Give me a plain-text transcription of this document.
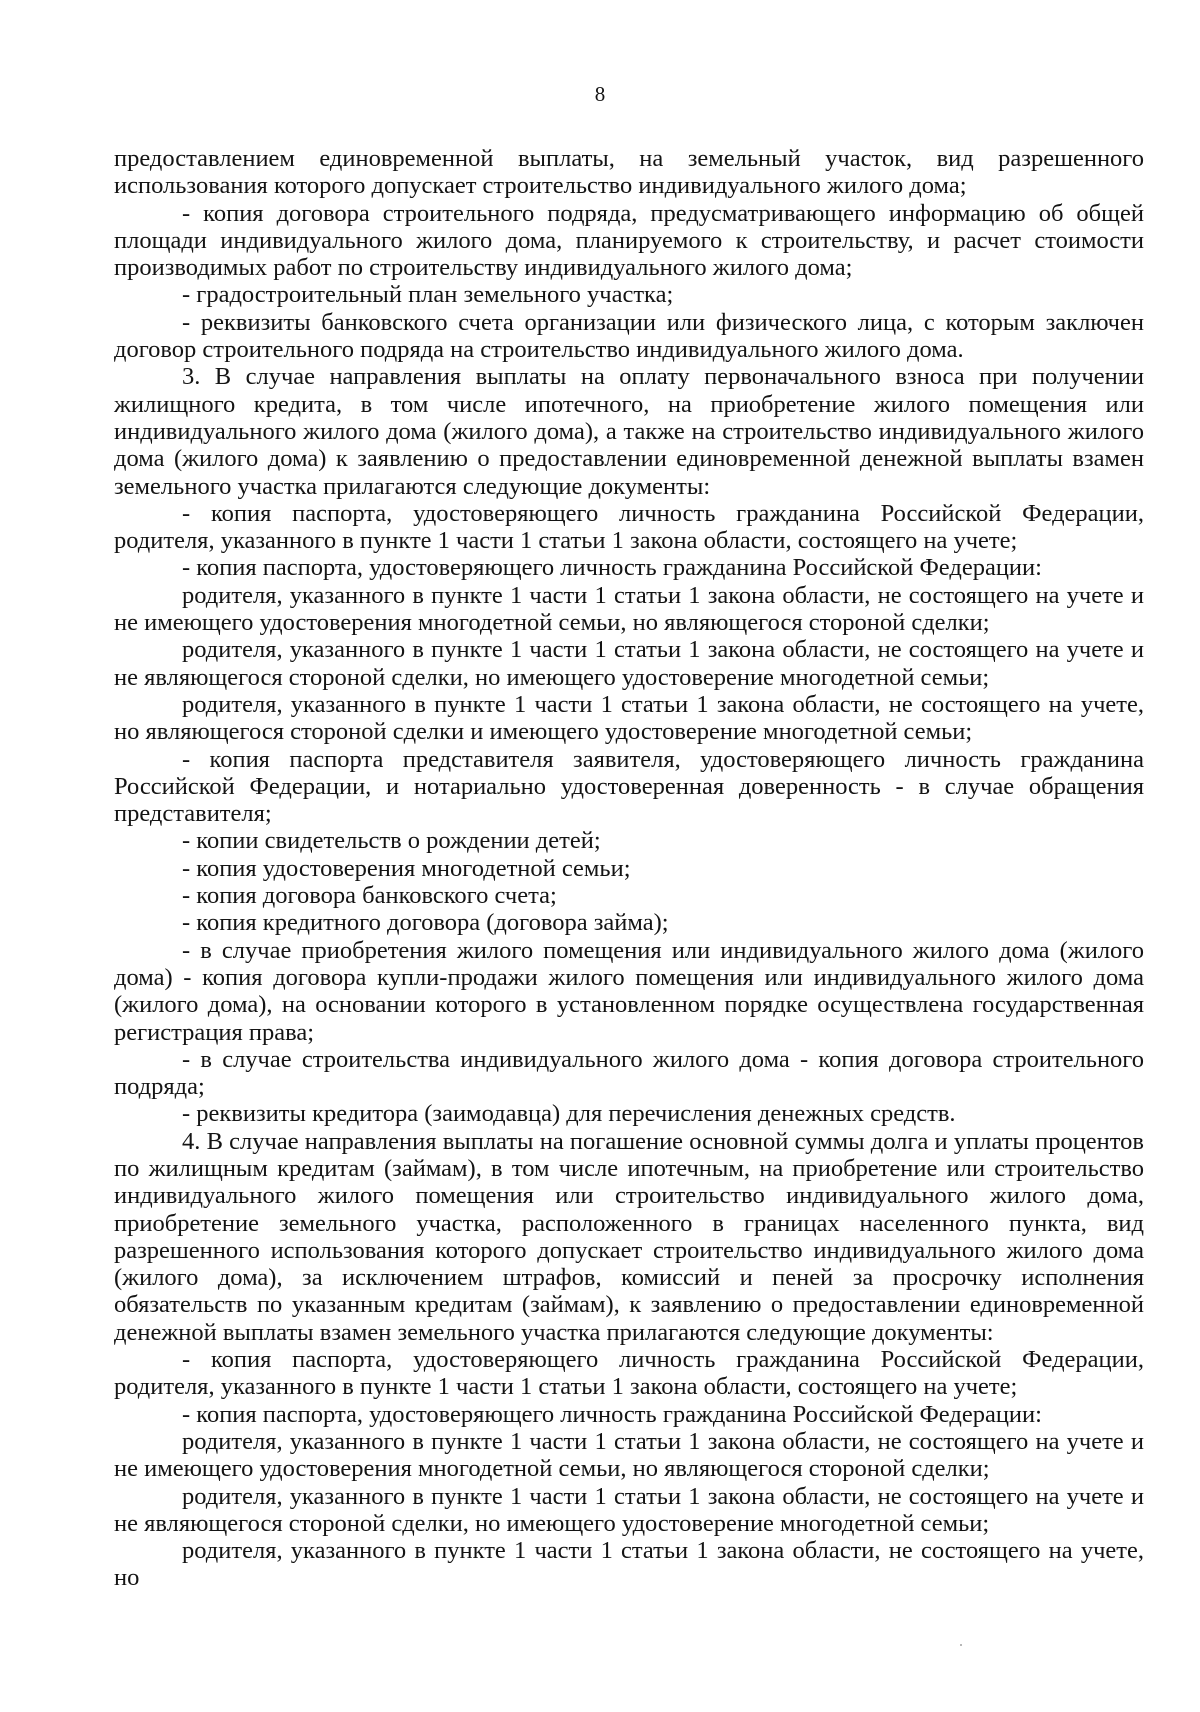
8

предоставлением единовременной выплаты, на земельный участок, вид разрешенного использования которого допускает строительство индивидуального жилого дома;

- копия договора строительного подряда, предусматривающего информацию об общей площади индивидуального жилого дома, планируемого к строительству, и расчет стоимости производимых работ по строительству индивидуального жилого дома;

- градостроительный план земельного участка;

- реквизиты банковского счета организации или физического лица, с которым заключен договор строительного подряда на строительство индивидуального жилого дома.

3. В случае направления выплаты на оплату первоначального взноса при получении жилищного кредита, в том числе ипотечного, на приобретение жилого помещения или индивидуального жилого дома (жилого дома), а также на строительство индивидуального жилого дома (жилого дома) к заявлению о предоставлении единовременной денежной выплаты взамен земельного участка прилагаются следующие документы:

- копия паспорта, удостоверяющего личность гражданина Российской Федерации, родителя, указанного в пункте 1 части 1 статьи 1 закона области, состоящего на учете;

- копия паспорта, удостоверяющего личность гражданина Российской Федерации:

родителя, указанного в пункте 1 части 1 статьи 1 закона области, не состоящего на учете и не имеющего удостоверения многодетной семьи, но являющегося стороной сделки;

родителя, указанного в пункте 1 части 1 статьи 1 закона области, не состоящего на учете и не являющегося стороной сделки, но имеющего удостоверение многодетной семьи;

родителя, указанного в пункте 1 части 1 статьи 1 закона области, не состоящего на учете, но являющегося стороной сделки и имеющего удостоверение многодетной семьи;

- копия паспорта представителя заявителя, удостоверяющего личность гражданина Российской Федерации, и нотариально удостоверенная доверенность - в случае обращения представителя;

- копии свидетельств о рождении детей;

- копия удостоверения многодетной семьи;

- копия договора банковского счета;

- копия кредитного договора (договора займа);

- в случае приобретения жилого помещения или индивидуального жилого дома (жилого дома) - копия договора купли-продажи жилого помещения или индивидуального жилого дома (жилого дома), на основании которого в установленном порядке осуществлена государственная регистрация права;

- в случае строительства индивидуального жилого дома - копия договора строительного подряда;

- реквизиты кредитора (заимодавца) для перечисления денежных средств.

4. В случае направления выплаты на погашение основной суммы долга и уплаты процентов по жилищным кредитам (займам), в том числе ипотечным, на приобретение или строительство индивидуального жилого помещения или строительство индивидуального жилого дома, приобретение земельного участка, расположенного в границах населенного пункта, вид разрешенного использования которого допускает строительство индивидуального жилого дома (жилого дома), за исключением штрафов, комиссий и пеней за просрочку исполнения обязательств по указанным кредитам (займам), к заявлению о предоставлении единовременной денежной выплаты взамен земельного участка прилагаются следующие документы:

- копия паспорта, удостоверяющего личность гражданина Российской Федерации, родителя, указанного в пункте 1 части 1 статьи 1 закона области, состоящего на учете;

- копия паспорта, удостоверяющего личность гражданина Российской Федерации:

родителя, указанного в пункте 1 части 1 статьи 1 закона области, не состоящего на учете и не имеющего удостоверения многодетной семьи, но являющегося стороной сделки;

родителя, указанного в пункте 1 части 1 статьи 1 закона области, не состоящего на учете и не являющегося стороной сделки, но имеющего удостоверение многодетной семьи;

родителя, указанного в пункте 1 части 1 статьи 1 закона области, не состоящего на учете, но
